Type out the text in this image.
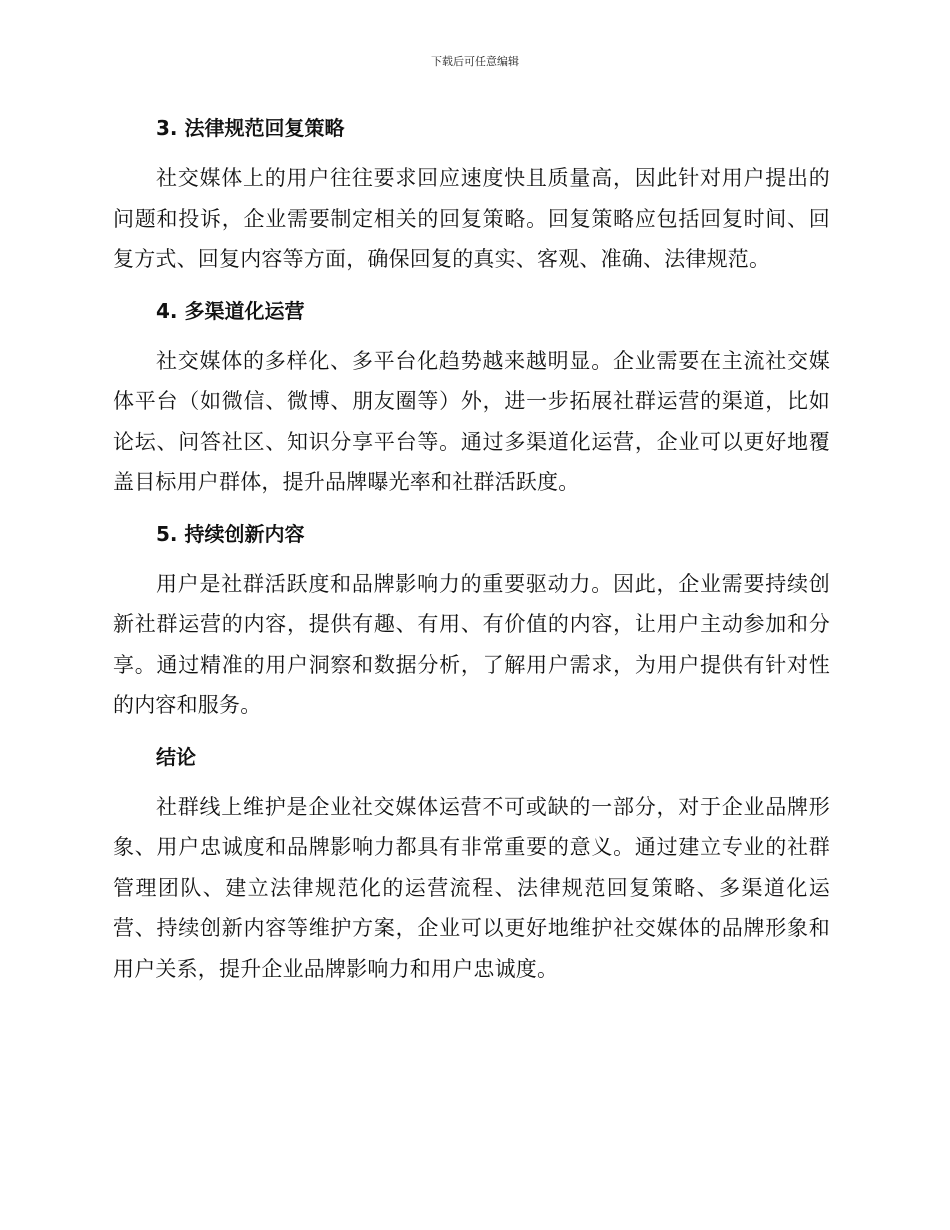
下载后可任意编辑
3. 法律规范回复策略

社交媒体上的用户往往要求回应速度快且质量高，因此针对用户提出的问题和投诉，企业需要制定相关的回复策略。回复策略应包括回复时间、回复方式、回复内容等方面，确保回复的真实、客观、准确、法律规范。

4. 多渠道化运营

社交媒体的多样化、多平台化趋势越来越明显。企业需要在主流社交媒体平台（如微信、微博、朋友圈等）外，进一步拓展社群运营的渠道，比如论坛、问答社区、知识分享平台等。通过多渠道化运营，企业可以更好地覆盖目标用户群体，提升品牌曝光率和社群活跃度。

5. 持续创新内容

用户是社群活跃度和品牌影响力的重要驱动力。因此，企业需要持续创新社群运营的内容，提供有趣、有用、有价值的内容，让用户主动参加和分享。通过精准的用户洞察和数据分析，了解用户需求，为用户提供有针对性的内容和服务。

结论

社群线上维护是企业社交媒体运营不可或缺的一部分，对于企业品牌形象、用户忠诚度和品牌影响力都具有非常重要的意义。通过建立专业的社群管理团队、建立法律规范化的运营流程、法律规范回复策略、多渠道化运营、持续创新内容等维护方案，企业可以更好地维护社交媒体的品牌形象和用户关系，提升企业品牌影响力和用户忠诚度。
